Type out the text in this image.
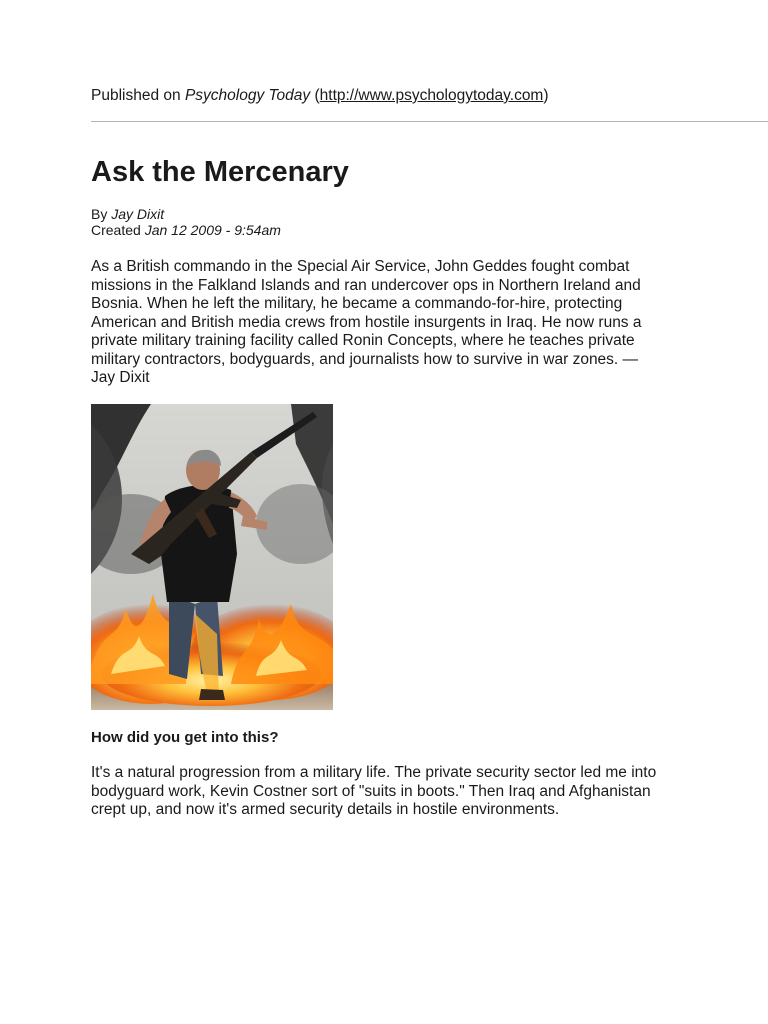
Published on Psychology Today (http://www.psychologytoday.com)
Ask the Mercenary
By Jay Dixit
Created Jan 12 2009 - 9:54am

As a British commando in the Special Air Service, John Geddes fought combat missions in the Falkland Islands and ran undercover ops in Northern Ireland and Bosnia. When he left the military, he became a commando-for-hire, protecting American and British media crews from hostile insurgents in Iraq. He now runs a private military training facility called Ronin Concepts, where he teaches private military contractors, bodyguards, and journalists how to survive in war zones. —Jay Dixit

How did you get into this?

It's a natural progression from a military life. The private security sector led me into bodyguard work, Kevin Costner sort of "suits in boots." Then Iraq and Afghanistan crept up, and now it's armed security details in hostile environments.
